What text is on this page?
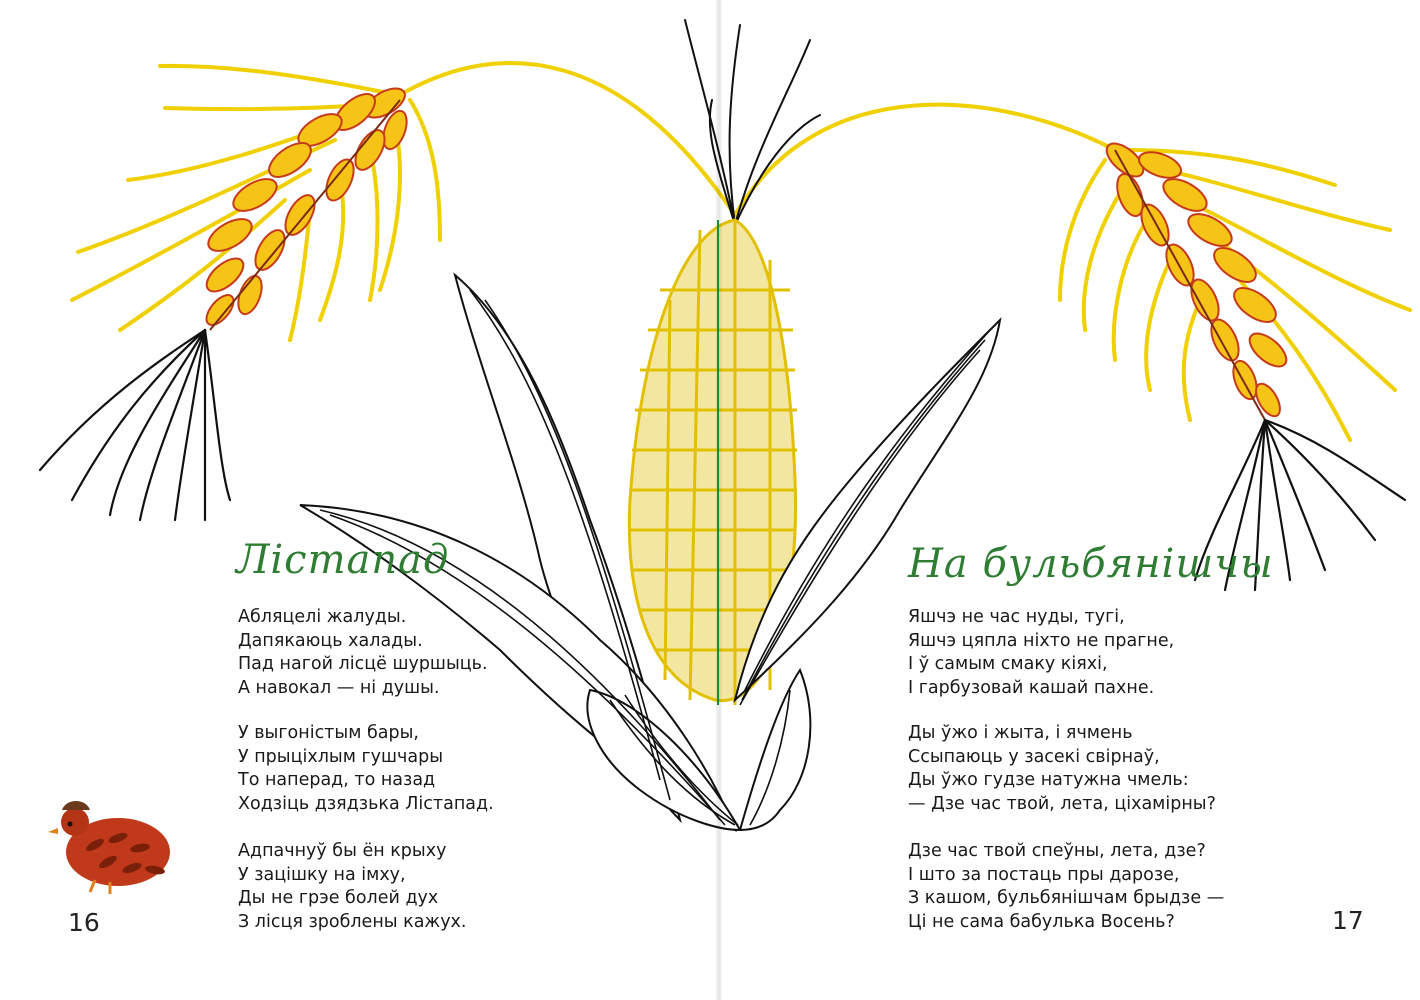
Лістапад
Абляцелі жалуды.
Дапякаюць халады.
Пад нагой лісцё шуршыць.
А навокал — ні душы.
У выгоністым бары,
У прыціхлым гушчары
То наперад, то назад
Ходзіць дзядзька Лістапад.
Адпачнуў бы ён крыху
У зацішку на імху,
Ды не грэе болей дух
З лісця зроблены кажух.
16
На бульбянішчы
Яшчэ не час нуды, тугі,
Яшчэ цяпла ніхто не прагне,
І ў самым смаку кіяхі,
І гарбузовай кашай пахне.
Ды ўжо і жыта, і ячмень
Ссыпаюць у засекі свірнаў,
Ды ўжо гудзе натужна чмель:
— Дзе час твой, лета, ціхамірны?
Дзе час твой спеўны, лета, дзе?
І што за постаць пры дарозе,
З кашом, бульбянішчам брыдзе —
Ці не сама бабулька Восень?	17
